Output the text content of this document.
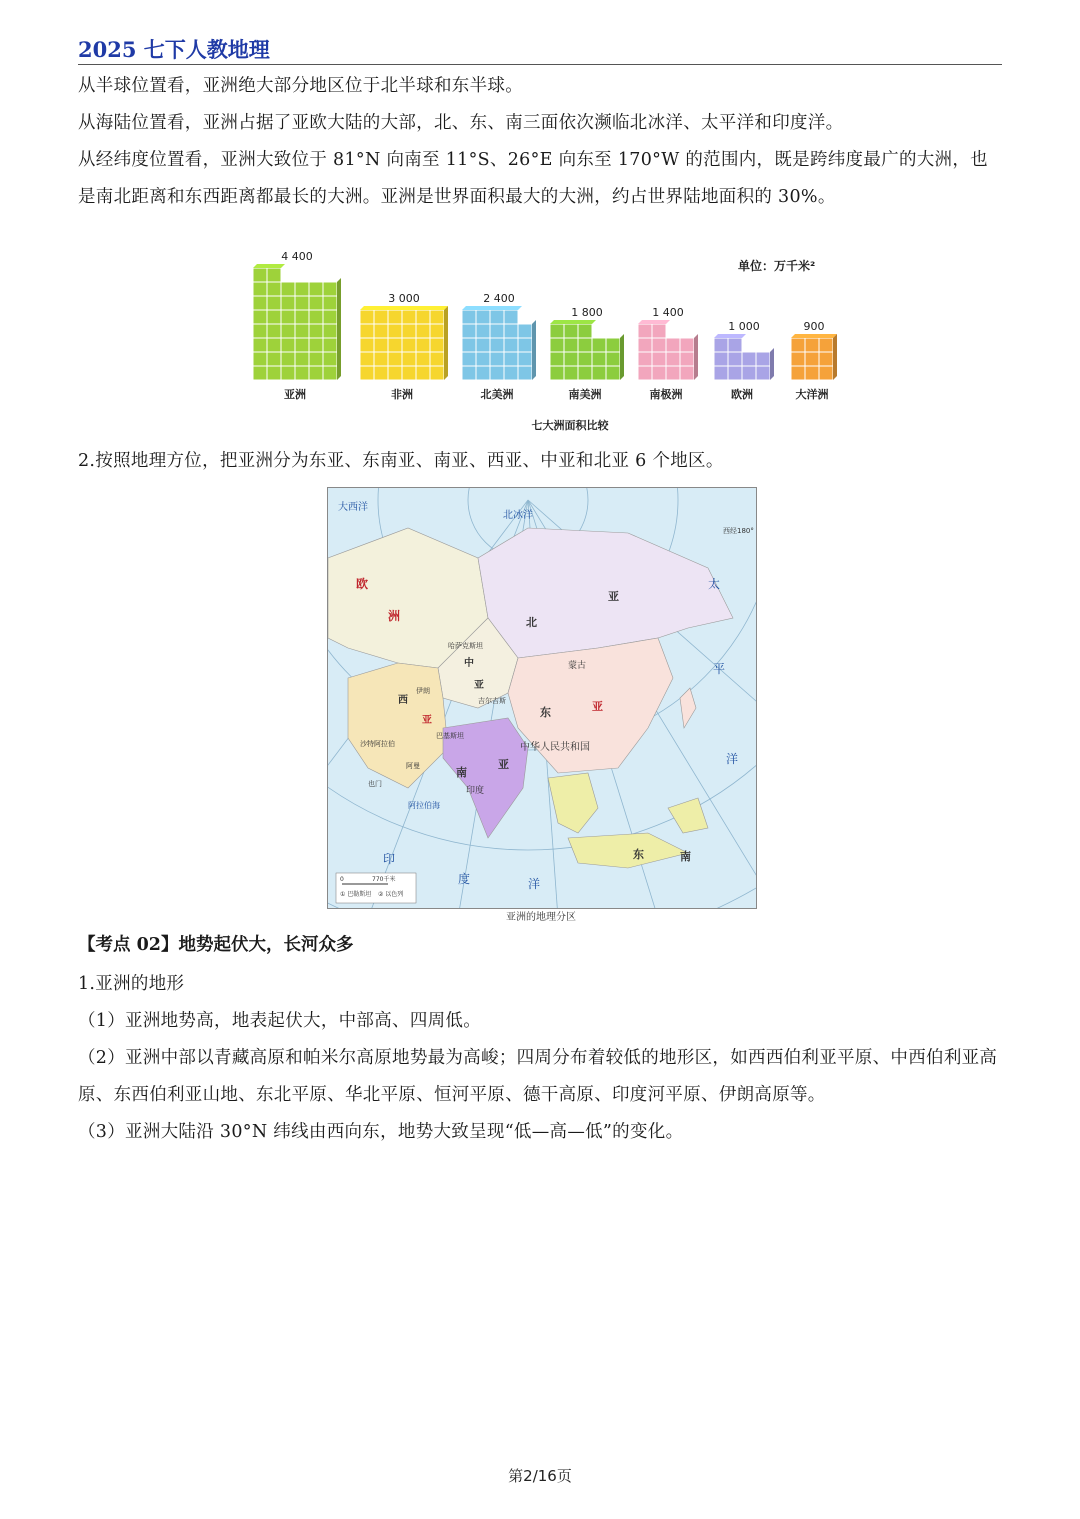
2025 七下人教地理

从半球位置看，亚洲绝大部分地区位于北半球和东半球。

从海陆位置看，亚洲占据了亚欧大陆的大部，北、东、南三面依次濒临北冰洋、太平洋和印度洋。

从经纬度位置看，亚洲大致位于 81°N 向南至 11°S、26°E 向东至 170°W 的范围内，既是跨纬度最广的大洲，也是南北距离和东西距离都最长的大洲。亚洲是世界面积最大的大洲，约占世界陆地面积的 30%。

单位：万千米²
4 400
亚洲
3 000
非洲
2 400
北美洲
1 800
南美洲
1 400
南极洲
1 000
欧洲
900
大洋洲
七大洲面积比较

2.按照地理方位，把亚洲分为东亚、东南亚、南亚、西亚、中亚和北亚 6 个地区。

大西洋
北冰洋
太
平
洋
印
度	洋
北
亚
中
亚
西
亚
南
亚
东	亚
东	南
欧
洲
中华人民共和国
蒙古
印度
阿拉伯海
哈萨克斯坦
吉尔吉斯
也门
阿曼
沙特阿拉伯
伊朗
巴基斯坦
西经180°
0	770千米
① 巴勒斯坦 ② 以色列
亚洲的地理分区
【考点 02】地势起伏大，长河众多

1.亚洲的地形

（1）亚洲地势高，地表起伏大，中部高、四周低。

（2）亚洲中部以青藏高原和帕米尔高原地势最为高峻；四周分布着较低的地形区，如西西伯利亚平原、中西伯利亚高原、东西伯利亚山地、东北平原、华北平原、恒河平原、德干高原、印度河平原、伊朗高原等。

（3）亚洲大陆沿 30°N 纬线由西向东，地势大致呈现“低—高—低”的变化。

第2/16页
